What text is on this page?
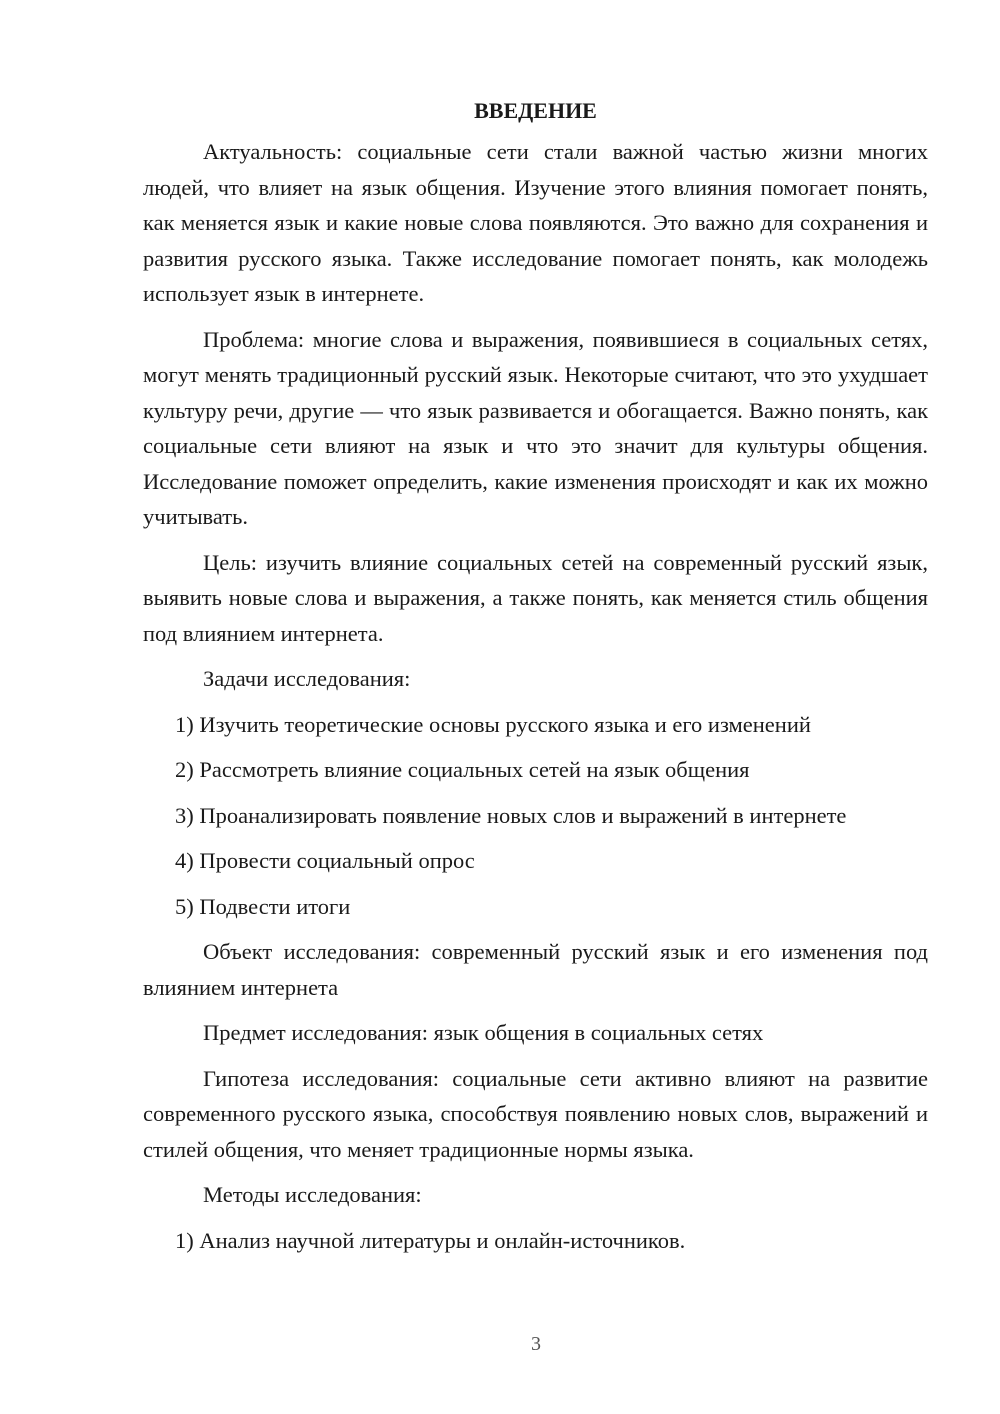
ВВЕДЕНИЕ
Актуальность: социальные сети стали важной частью жизни многих людей, что влияет на язык общения. Изучение этого влияния помогает понять, как меняется язык и какие новые слова появляются. Это важно для сохранения и развития русского языка. Также исследование помогает понять, как молодежь использует язык в интернете.
Проблема: многие слова и выражения, появившиеся в социальных сетях, могут менять традиционный русский язык. Некоторые считают, что это ухудшает культуру речи, другие — что язык развивается и обогащается. Важно понять, как социальные сети влияют на язык и что это значит для культуры общения. Исследование поможет определить, какие изменения происходят и как их можно учитывать.
Цель: изучить влияние социальных сетей на современный русский язык, выявить новые слова и выражения, а также понять, как меняется стиль общения под влиянием интернета.
Задачи исследования:
1) Изучить теоретические основы русского языка и его изменений
2) Рассмотреть влияние социальных сетей на язык общения
3) Проанализировать появление новых слов и выражений в интернете
4) Провести социальный опрос
5) Подвести итоги
Объект исследования: современный русский язык и его изменения под влиянием интернета
Предмет исследования: язык общения в социальных сетях
Гипотеза исследования: социальные сети активно влияют на развитие современного русского языка, способствуя появлению новых слов, выражений и стилей общения, что меняет традиционные нормы языка.
Методы исследования:
1) Анализ научной литературы и онлайн-источников.
3
